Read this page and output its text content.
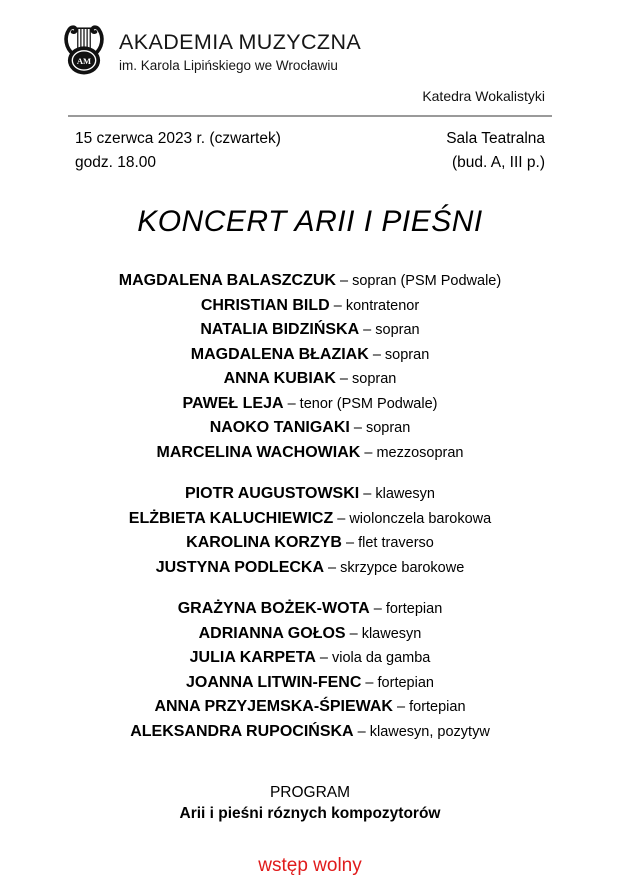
AM
AKADEMIA MUZYCZNA
im. Karola Lipińskiego we Wrocławiu
Katedra Wokalistyki
15 czerwca 2023 r. (czwartek)	Sala Teatralna
godz. 18.00	(bud. A, III p.)
KONCERT ARII I PIEŚNI
MAGDALENA BALASZCZUK – sopran (PSM Podwale)
CHRISTIAN BILD – kontratenor
NATALIA BIDZIŃSKA – sopran
MAGDALENA BŁAZIAK – sopran
ANNA KUBIAK – sopran
PAWEŁ LEJA – tenor (PSM Podwale)
NAOKO TANIGAKI – sopran
MARCELINA WACHOWIAK – mezzosopran
PIOTR AUGUSTOWSKI – klawesyn
ELŻBIETA KALUCHIEWICZ – wiolonczela barokowa
KAROLINA KORZYB – flet traverso
JUSTYNA PODLECKA – skrzypce barokowe
GRAŻYNA BOŻEK-WOTA – fortepian
ADRIANNA GOŁOS – klawesyn
JULIA KARPETA – viola da gamba
JOANNA LITWIN-FENC – fortepian
ANNA PRZYJEMSKA-ŚPIEWAK – fortepian
ALEKSANDRA RUPOCIŃSKA – klawesyn, pozytyw
PROGRAM
Arii i pieśni róznych kompozytorów
wstęp wolny
